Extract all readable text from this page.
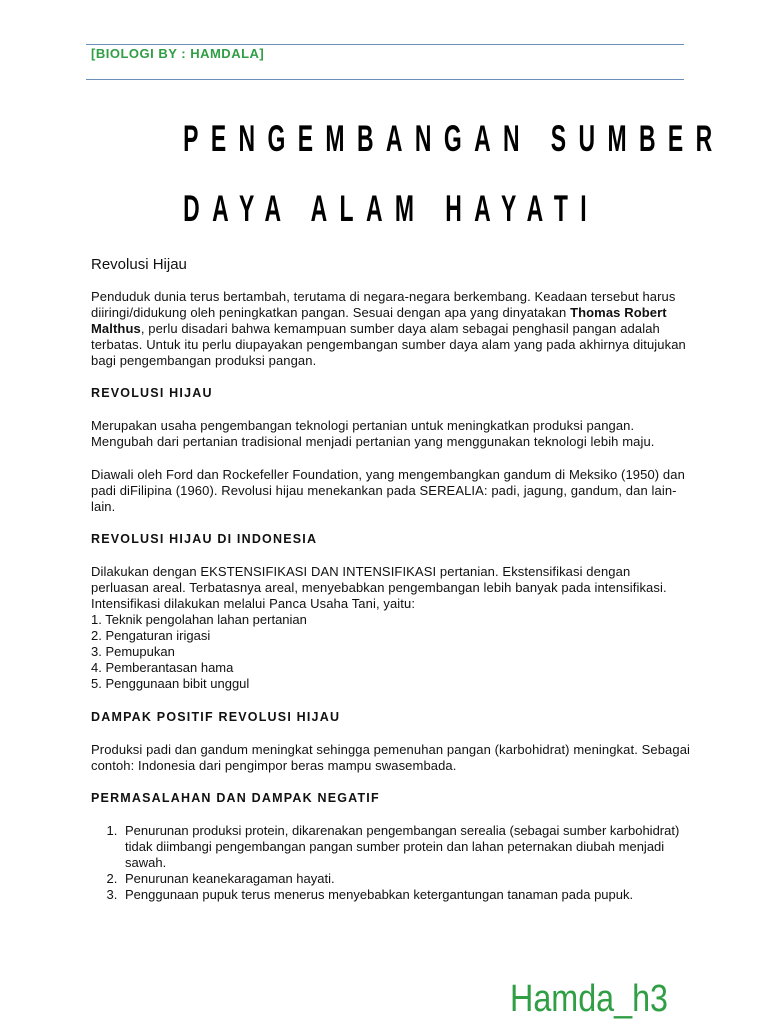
[BIOLOGI BY : HAMDALA]
PENGEMBANGAN SUMBER
DAYA ALAM HAYATI
Revolusi Hijau

Penduduk dunia terus bertambah, terutama di negara-negara berkembang. Keadaan tersebut harus diiringi/didukung oleh peningkatkan pangan. Sesuai dengan apa yang dinyatakan Thomas Robert Malthus, perlu disadari bahwa kemampuan sumber daya alam sebagai penghasil pangan adalah terbatas. Untuk itu perlu diupayakan pengembangan sumber daya alam yang pada akhirnya ditujukan bagi pengembangan produksi pangan.

REVOLUSI HIJAU

Merupakan usaha pengembangan teknologi pertanian untuk meningkatkan produksi pangan. Mengubah dari pertanian tradisional menjadi pertanian yang menggunakan teknologi lebih maju.

Diawali oleh Ford dan Rockefeller Foundation, yang mengembangkan gandum di Meksiko (1950) dan padi diFilipina (1960). Revolusi hijau menekankan pada SEREALIA: padi, jagung, gandum, dan lain-lain.

REVOLUSI HIJAU DI INDONESIA

Dilakukan dengan EKSTENSIFIKASI DAN INTENSIFIKASI pertanian. Ekstensifikasi dengan perluasan areal. Terbatasnya areal, menyebabkan pengembangan lebih banyak pada intensifikasi. Intensifikasi dilakukan melalui Panca Usaha Tani, yaitu:

1. Teknik pengolahan lahan pertanian
2. Pengaturan irigasi
3. Pemupukan
4. Pemberantasan hama
5. Penggunaan bibit unggul
DAMPAK POSITIF REVOLUSI HIJAU

Produksi padi dan gandum meningkat sehingga pemenuhan pangan (karbohidrat) meningkat. Sebagai contoh: Indonesia dari pengimpor beras mampu swasembada.

PERMASALAHAN DAN DAMPAK NEGATIF
1. Penurunan produksi protein, dikarenakan pengembangan serealia (sebagai sumber karbohidrat) tidak diimbangi pengembangan pangan sumber protein dan lahan peternakan diubah menjadi sawah.
2. Penurunan keanekaragaman hayati.
3. Penggunaan pupuk terus menerus menyebabkan ketergantungan tanaman pada pupuk.
Hamda_h3
